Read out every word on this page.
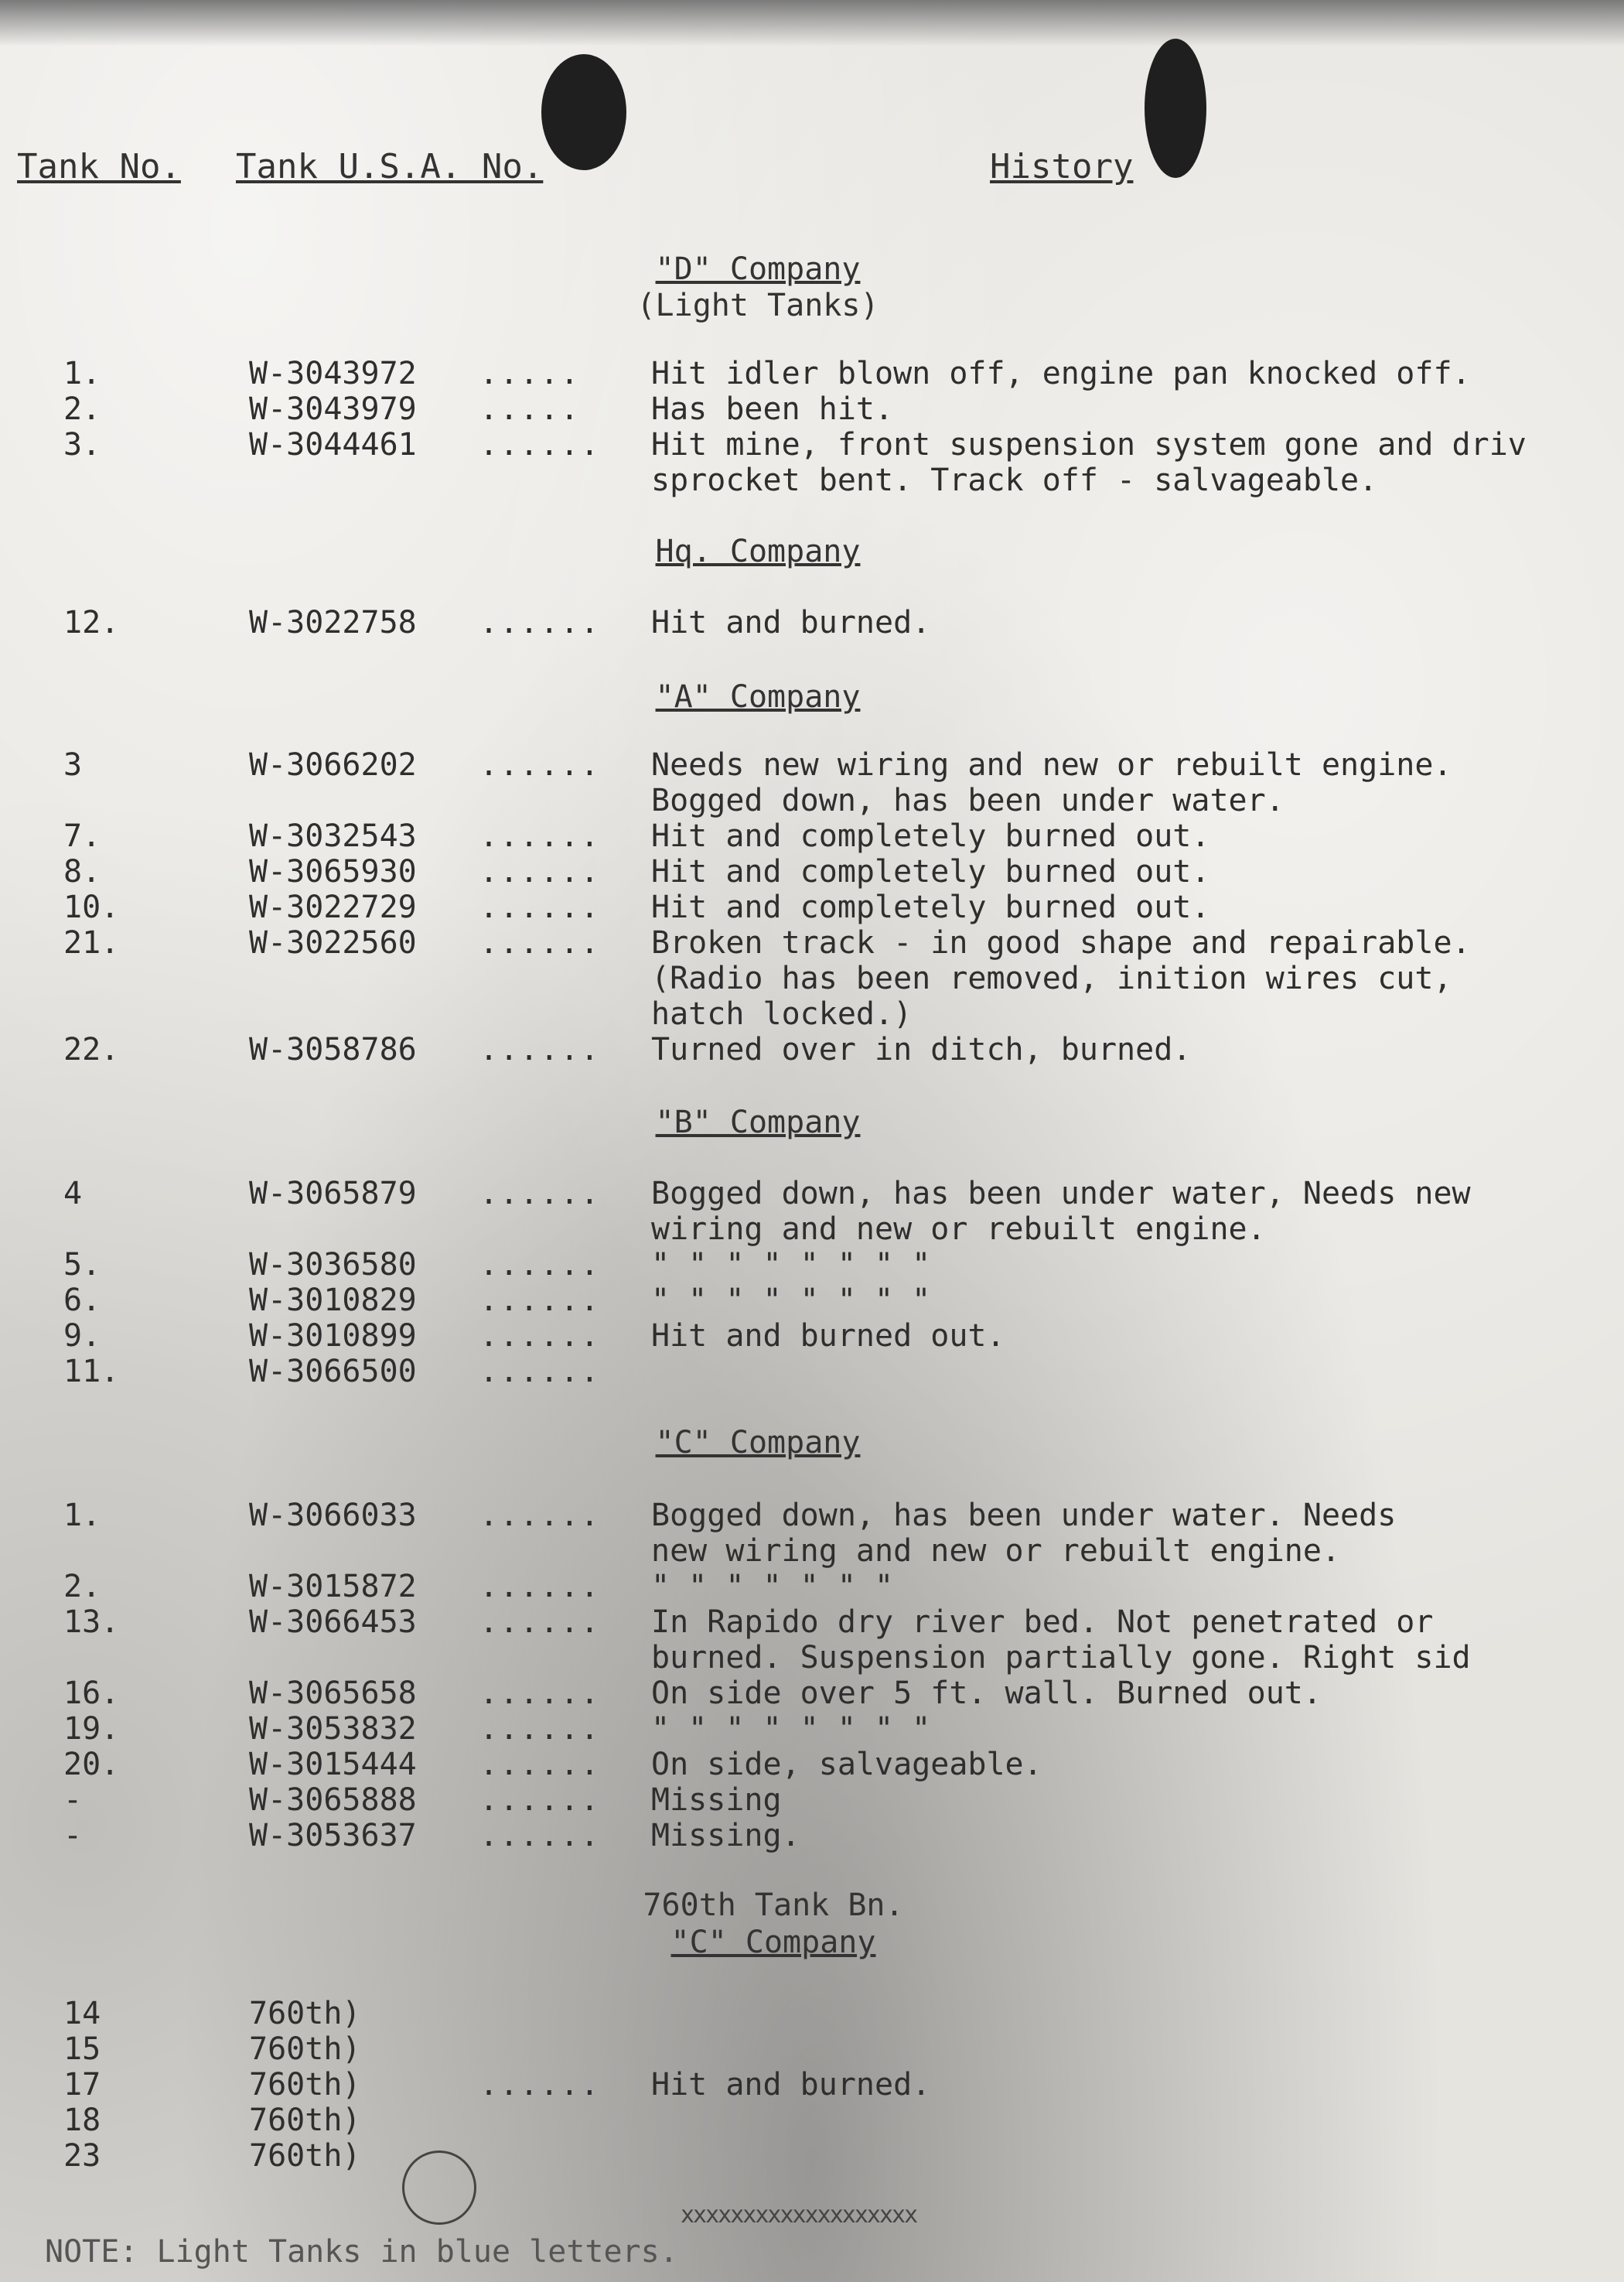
Tank No. Tank U.S.A. No.	History
"D" Company
(Light Tanks)
1.	W-3043972 ..... Hit idler blown off, engine pan knocked off.
2.	W-3043979 ..... Has been hit.
3.	W-3044461 ...... Hit mine, front suspension system gone and driv
sprocket bent. Track off - salvageable.
Hq. Company
12.	W-3022758 ...... Hit and burned.
"A" Company
3	W-3066202 ...... Needs new wiring and new or rebuilt engine.
Bogged down, has been under water.
7.	W-3032543 ...... Hit and completely burned out.
8.	W-3065930 ...... Hit and completely burned out.
10.	W-3022729 ...... Hit and completely burned out.
21.	W-3022560 ...... Broken track - in good shape and repairable.
(Radio has been removed, inition wires cut,
hatch locked.)
22.	W-3058786 ...... Turned over in ditch, burned.
"B" Company
4	W-3065879 ...... Bogged down, has been under water, Needs new
wiring and new or rebuilt engine.
5.	W-3036580 ...... " " " " " " " "
6.	W-3010829 ...... " " " " " " " "
9.	W-3010899 ...... Hit and burned out.
11.	W-3066500 ......
"C" Company
1.	W-3066033 ...... Bogged down, has been under water. Needs
new wiring and new or rebuilt engine.
2.	W-3015872 ...... " " " " " " "
13.	W-3066453 ...... In Rapido dry river bed. Not penetrated or
burned. Suspension partially gone. Right sid
16.	W-3065658 ...... On side over 5 ft. wall. Burned out.
19.	W-3053832 ...... " " " " " " " "
20.	W-3015444 ...... On side, salvageable.
-	W-3065888 ...... Missing
-	W-3053637 ...... Missing.
760th Tank Bn.
"C" Company
14	760th)
15	760th)
17	760th)	...... Hit and burned.
18	760th)
23	760th)
xxxxxxxxxxxxxxxxxxx
NOTE: Light Tanks in blue letters.
